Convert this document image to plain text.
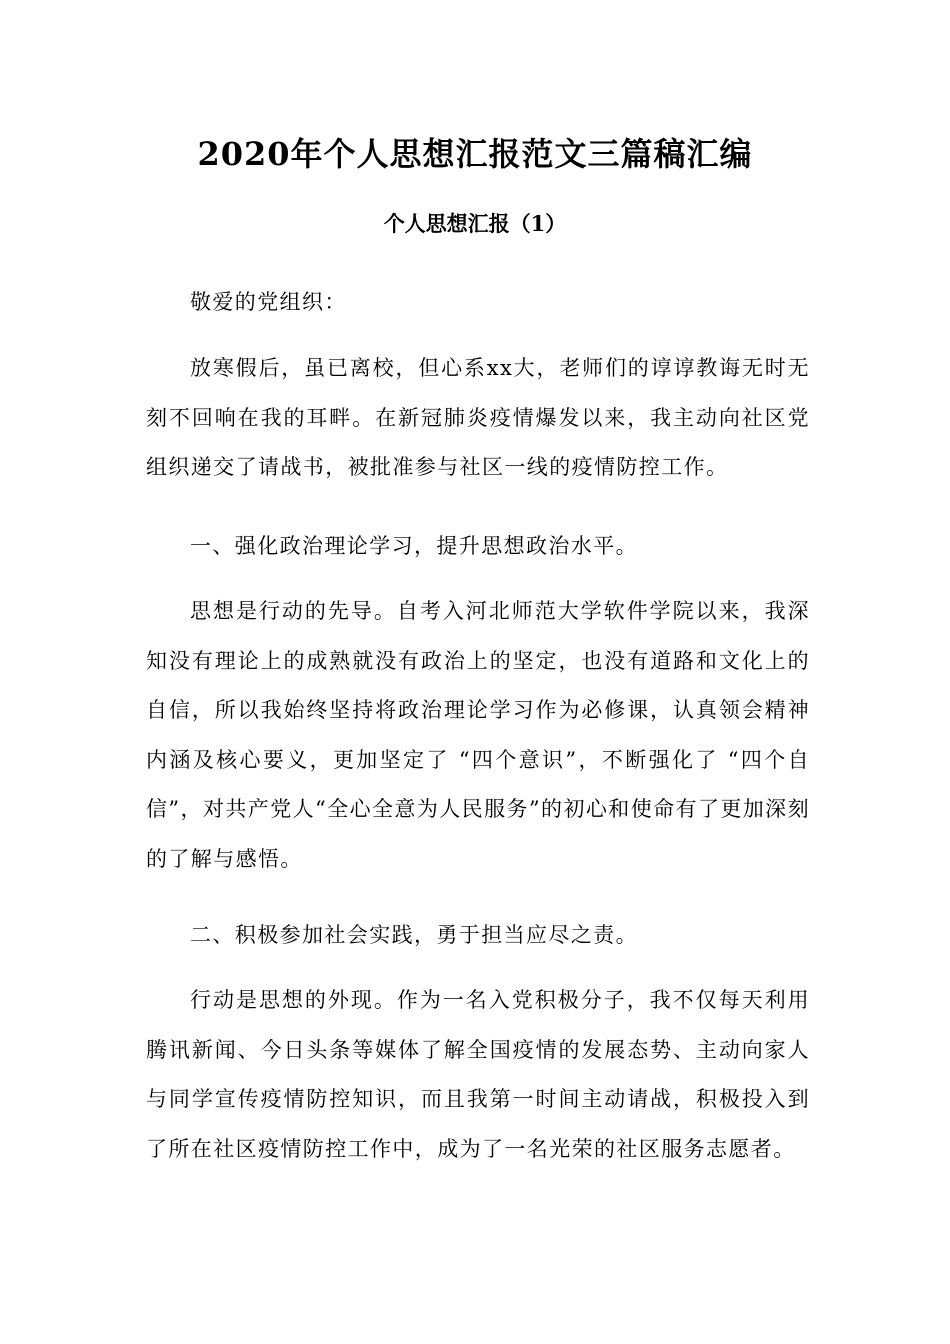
2020年个人思想汇报范文三篇稿汇编
个人思想汇报（1）

敬爱的党组织：

放寒假后，虽已离校，但心系xx大，老师们的谆谆教诲无时无刻不回响在我的耳畔。在新冠肺炎疫情爆发以来，我主动向社区党组织递交了请战书，被批准参与社区一线的疫情防控工作。

一、强化政治理论学习，提升思想政治水平。

思想是行动的先导。自考入河北师范大学软件学院以来，我深知没有理论上的成熟就没有政治上的坚定，也没有道路和文化上的自信，所以我始终坚持将政治理论学习作为必修课，认真领会精神内涵及核心要义，更加坚定了 “四个意识”，不断强化了 “四个自信”，对共产党人“全心全意为人民服务”的初心和使命有了更加深刻的了解与感悟。

二、积极参加社会实践，勇于担当应尽之责。

行动是思想的外现。作为一名入党积极分子，我不仅每天利用腾讯新闻、今日头条等媒体了解全国疫情的发展态势、主动向家人与同学宣传疫情防控知识，而且我第一时间主动请战，积极投入到了所在社区疫情防控工作中，成为了一名光荣的社区服务志愿者。
